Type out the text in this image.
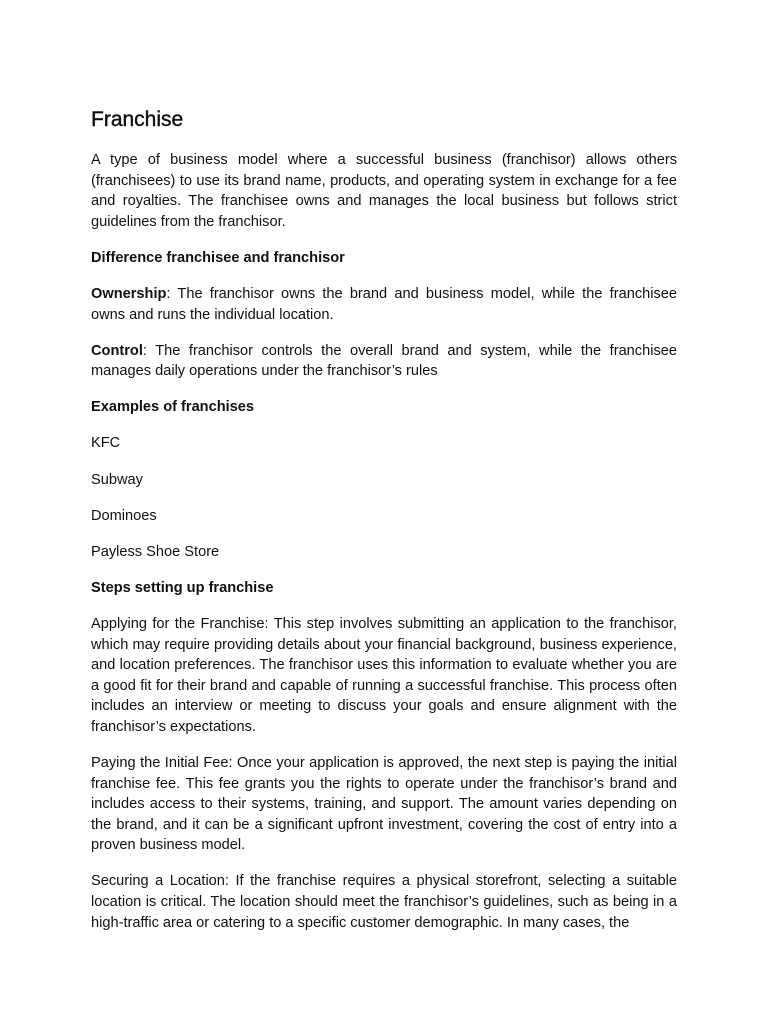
Franchise

A type of business model where a successful business (franchisor) allows others (franchisees) to use its brand name, products, and operating system in exchange for a fee and royalties. The franchisee owns and manages the local business but follows strict guidelines from the franchisor.

Difference franchisee and franchisor

Ownership: The franchisor owns the brand and business model, while the franchisee owns and runs the individual location.

Control: The franchisor controls the overall brand and system, while the franchisee manages daily operations under the franchisor’s rules

Examples of franchises

KFC

Subway

Dominoes

Payless Shoe Store

Steps setting up franchise

Applying for the Franchise: This step involves submitting an application to the franchisor, which may require providing details about your financial background, business experience, and location preferences. The franchisor uses this information to evaluate whether you are a good fit for their brand and capable of running a successful franchise. This process often includes an interview or meeting to discuss your goals and ensure alignment with the franchisor’s expectations.

Paying the Initial Fee: Once your application is approved, the next step is paying the initial franchise fee. This fee grants you the rights to operate under the franchisor’s brand and includes access to their systems, training, and support. The amount varies depending on the brand, and it can be a significant upfront investment, covering the cost of entry into a proven business model.

Securing a Location: If the franchise requires a physical storefront, selecting a suitable location is critical. The location should meet the franchisor’s guidelines, such as being in a high-traffic area or catering to a specific customer demographic. In many cases, the
